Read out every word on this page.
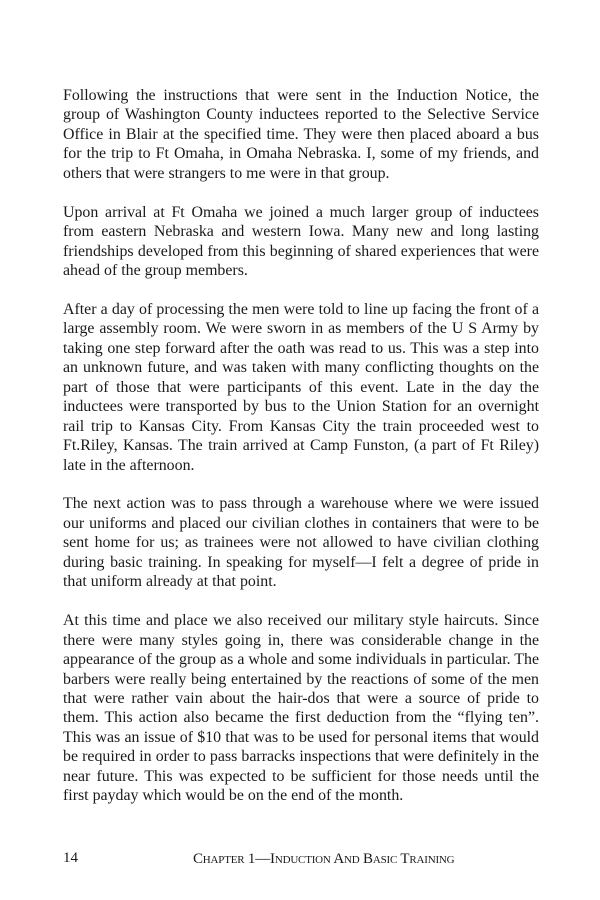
Following the instructions that were sent in the Induction Notice, the group of Washington County inductees reported to the Selective Service Office in Blair at the specified time. They were then placed aboard a bus for the trip to Ft Omaha, in Omaha Nebraska. I, some of my friends, and others that were strangers to me were in that group.

Upon arrival at Ft Omaha we joined a much larger group of inductees from eastern Nebraska and western Iowa. Many new and long lasting friendships developed from this beginning of shared experiences that were ahead of the group members.

After a day of processing the men were told to line up facing the front of a large assembly room. We were sworn in as members of the U S Army by taking one step forward after the oath was read to us. This was a step into an unknown future, and was taken with many conflicting thoughts on the part of those that were participants of this event. Late in the day the inductees were transported by bus to the Union Station for an overnight rail trip to Kansas City. From Kansas City the train proceeded west to Ft.Riley, Kansas. The train arrived at Camp Funston, (a part of Ft Riley) late in the afternoon.

The next action was to pass through a warehouse where we were issued our uniforms and placed our civilian clothes in containers that were to be sent home for us; as trainees were not allowed to have civilian clothing during basic training. In speaking for myself—I felt a degree of pride in that uniform already at that point.

At this time and place we also received our military style haircuts. Since there were many styles going in, there was considerable change in the appearance of the group as a whole and some individuals in particular. The barbers were really being entertained by the reactions of some of the men that were rather vain about the hair-dos that were a source of pride to them. This action also became the first deduction from the “flying ten”. This was an issue of $10 that was to be used for personal items that would be required in order to pass barracks inspections that were definitely in the near future. This was expected to be sufficient for those needs until the first payday which would be on the end of the month.

14	Chapter 1—Induction And Basic Training
